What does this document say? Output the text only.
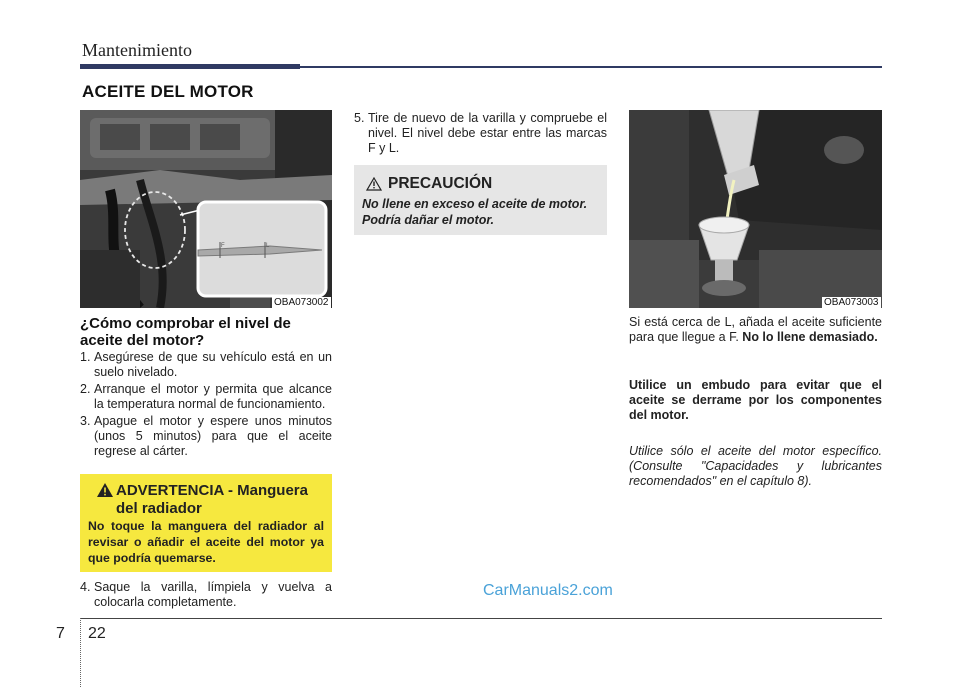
Mantenimiento
ACEITE DEL MOTOR
F	L
OBA073002
¿Cómo comprobar el nivel de aceite del motor?
1. Asegúrese de que su vehículo está en un suelo nivelado.
2. Arranque el motor y permita que alcance la temperatura normal de funcionamiento.
3. Apague el motor y espere unos minutos (unos 5 minutos) para que el aceite regrese al cárter.
ADVERTENCIA - Manguera del radiador
No toque la manguera del radiador al revisar o añadir el aceite del motor ya que podría quemarse.
4. Saque la varilla, límpiela y vuelva a colocarla completamente.
5. Tire de nuevo de la varilla y compruebe el nivel. El nivel debe estar entre las marcas F y L.
PRECAUCIÓN
No llene en exceso el aceite de motor. Podría dañar el motor.
OBA073003
Si está cerca de L, añada el aceite suficiente para que llegue a F. No lo llene demasiado.
Utilice un embudo para evitar que el aceite se derrame por los componentes del motor.
Utilice sólo el aceite del motor específico. (Consulte "Capacidades y lubricantes recomendados" en el capítulo 8).
CarManuals2.com
7 22
